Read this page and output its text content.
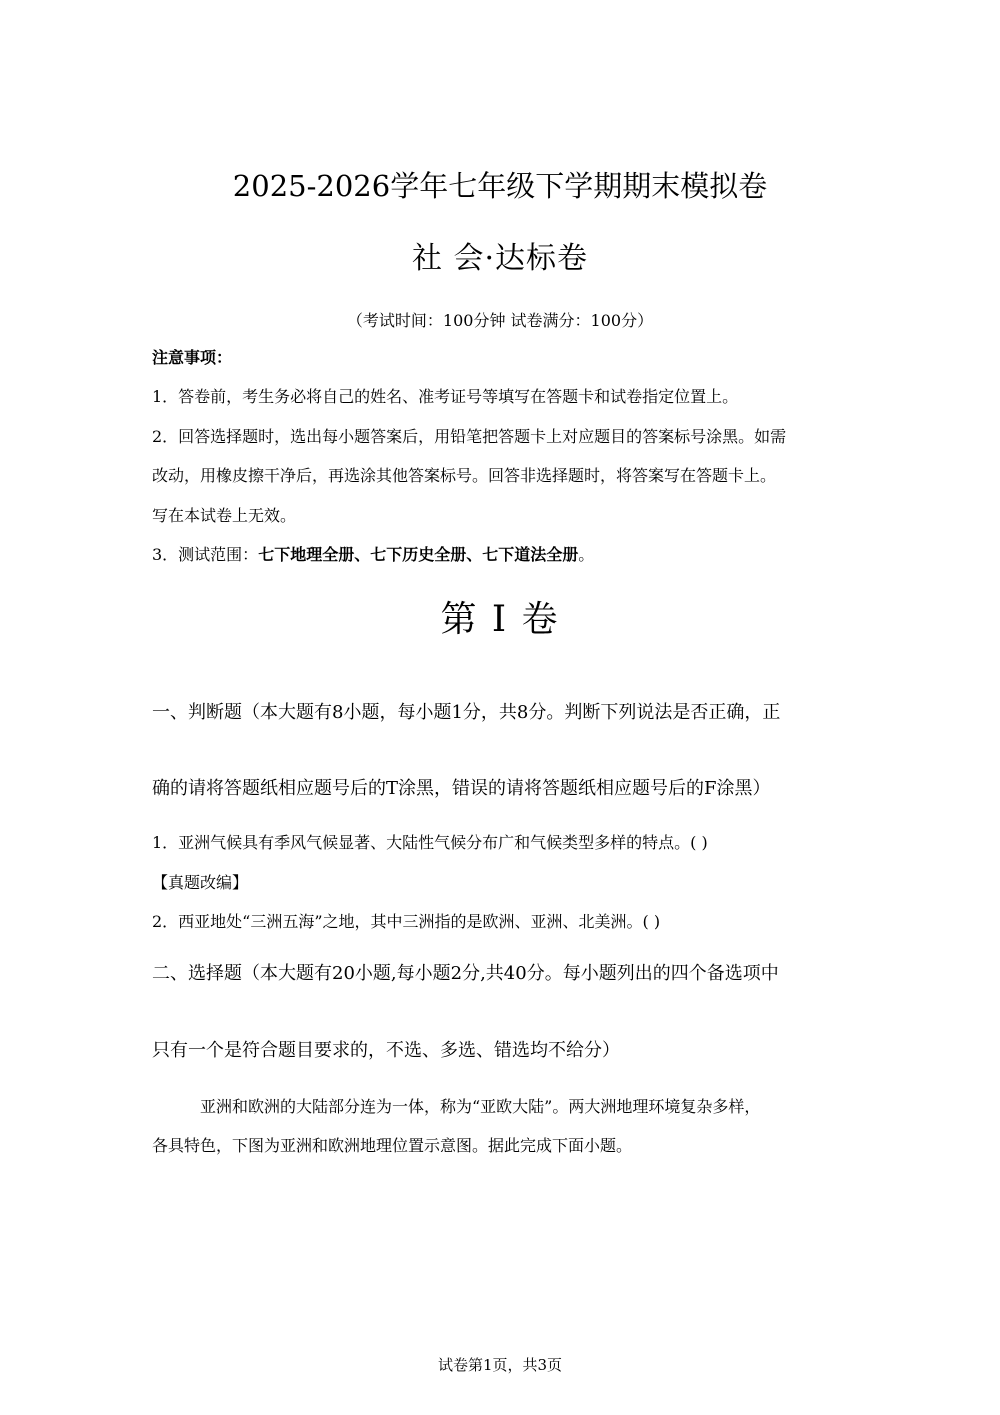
2025-2026学年七年级下学期期末模拟卷
社 会·达标卷
（考试时间：100分钟 试卷满分：100分）
注意事项：
1．答卷前，考生务必将自己的姓名、准考证号等填写在答题卡和试卷指定位置上。
2．回答选择题时，选出每小题答案后，用铅笔把答题卡上对应题目的答案标号涂黑。如需
改动，用橡皮擦干净后，再选涂其他答案标号。回答非选择题时，将答案写在答题卡上。
写在本试卷上无效。
3．测试范围：七下地理全册、七下历史全册、七下道法全册。
第 I 卷
一、判断题（本大题有8小题，每小题1分，共8分。判断下列说法是否正确，正
确的请将答题纸相应题号后的T涂黑，错误的请将答题纸相应题号后的F涂黑）
1．亚洲气候具有季风气候显著、大陆性气候分布广和气候类型多样的特点。( )
【真题改编】
2．西亚地处“三洲五海”之地，其中三洲指的是欧洲、亚洲、北美洲。( )
二、选择题（本大题有20小题,每小题2分,共40分。每小题列出的四个备选项中
只有一个是符合题目要求的，不选、多选、错选均不给分）
亚洲和欧洲的大陆部分连为一体，称为“亚欧大陆”。两大洲地理环境复杂多样，
各具特色，下图为亚洲和欧洲地理位置示意图。据此完成下面小题。
试卷第1页，共3页
